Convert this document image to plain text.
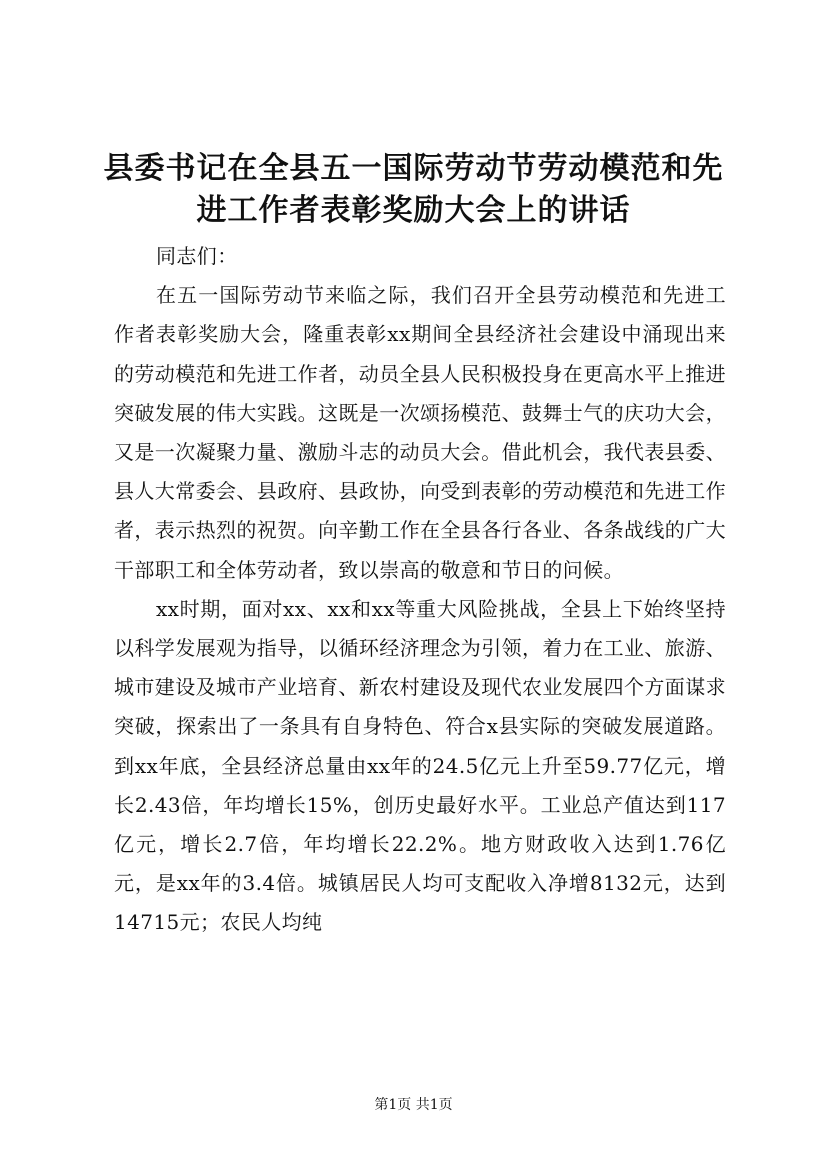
县委书记在全县五一国际劳动节劳动模范和先
进工作者表彰奖励大会上的讲话

同志们：

在五一国际劳动节来临之际，我们召开全县劳动模范和先进工作者表彰奖励大会，隆重表彰xx期间全县经济社会建设中涌现出来的劳动模范和先进工作者，动员全县人民积极投身在更高水平上推进突破发展的伟大实践。这既是一次颂扬模范、鼓舞士气的庆功大会，又是一次凝聚力量、激励斗志的动员大会。借此机会，我代表县委、县人大常委会、县政府、县政协，向受到表彰的劳动模范和先进工作者，表示热烈的祝贺。向辛勤工作在全县各行各业、各条战线的广大干部职工和全体劳动者，致以崇高的敬意和节日的问候。

xx时期，面对xx、xx和xx等重大风险挑战，全县上下始终坚持以科学发展观为指导，以循环经济理念为引领，着力在工业、旅游、城市建设及城市产业培育、新农村建设及现代农业发展四个方面谋求突破，探索出了一条具有自身特色、符合x县实际的突破发展道路。到xx年底，全县经济总量由xx年的24.5亿元上升至59.77亿元，增长2.43倍，年均增长15%，创历史最好水平。工业总产值达到117亿元，增长2.7倍，年均增长22.2%。地方财政收入达到1.76亿元，是xx年的3.4倍。城镇居民人均可支配收入净增8132元，达到14715元；农民人均纯

第1页 共1页
